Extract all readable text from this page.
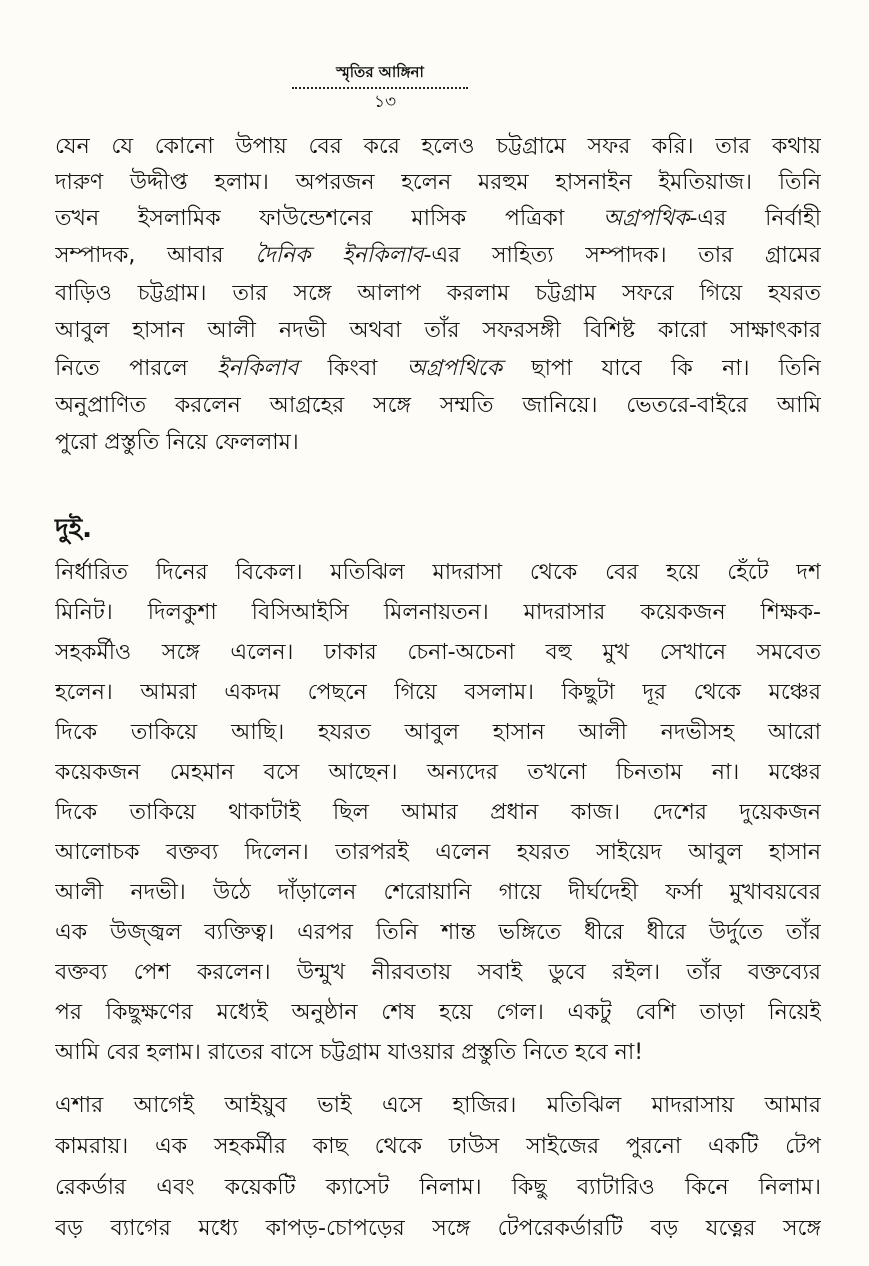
স্মৃতির আঙ্গিনা
১৩
যেন যে কোনো উপায় বের করে হলেও চট্টগ্রামে সফর করি। তার কথায়
দারুণ উদ্দীপ্ত হলাম। অপরজন হলেন মরহুম হাসনাইন ইমতিয়াজ। তিনি
তখন ইসলামিক ফাউন্ডেশনের মাসিক পত্রিকা অগ্রপথিক-এর নির্বাহী
সম্পাদক, আবার দৈনিক ইনকিলাব-এর সাহিত্য সম্পাদক। তার গ্রামের
বাড়িও চট্টগ্রাম। তার সঙ্গে আলাপ করলাম চট্টগ্রাম সফরে গিয়ে হযরত
আবুল হাসান আলী নদভী অথবা তাঁর সফরসঙ্গী বিশিষ্ট কারো সাক্ষাৎকার
নিতে পারলে ইনকিলাব কিংবা অগ্রপথিকে ছাপা যাবে কি না। তিনি
অনুপ্রাণিত করলেন আগ্রহের সঙ্গে সম্মতি জানিয়ে। ভেতরে-বাইরে আমি
পুরো প্রস্তুতি নিয়ে ফেললাম।
দুই.
নির্ধারিত দিনের বিকেল। মতিঝিল মাদরাসা থেকে বের হয়ে হেঁটে দশ
মিনিট। দিলকুশা বিসিআইসি মিলনায়তন। মাদরাসার কয়েকজন শিক্ষক-
সহকর্মীও সঙ্গে এলেন। ঢাকার চেনা-অচেনা বহু মুখ সেখানে সমবেত
হলেন। আমরা একদম পেছনে গিয়ে বসলাম। কিছুটা দূর থেকে মঞ্চের
দিকে তাকিয়ে আছি। হযরত আবুল হাসান আলী নদভীসহ আরো
কয়েকজন মেহমান বসে আছেন। অন্যদের তখনো চিনতাম না। মঞ্চের
দিকে তাকিয়ে থাকাটাই ছিল আমার প্রধান কাজ। দেশের দুয়েকজন
আলোচক বক্তব্য দিলেন। তারপরই এলেন হযরত সাইয়েদ আবুল হাসান
আলী নদভী। উঠে দাঁড়ালেন শেরোয়ানি গায়ে দীর্ঘদেহী ফর্সা মুখাবয়বের
এক উজ্জ্বল ব্যক্তিত্ব। এরপর তিনি শান্ত ভঙ্গিতে ধীরে ধীরে উর্দুতে তাঁর
বক্তব্য পেশ করলেন। উন্মুখ নীরবতায় সবাই ডুবে রইল। তাঁর বক্তব্যের
পর কিছুক্ষণের মধ্যেই অনুষ্ঠান শেষ হয়ে গেল। একটু বেশি তাড়া নিয়েই
আমি বের হলাম। রাতের বাসে চট্টগ্রাম যাওয়ার প্রস্তুতি নিতে হবে না!
এশার আগেই আইয়ুব ভাই এসে হাজির। মতিঝিল মাদরাসায় আমার
কামরায়। এক সহকর্মীর কাছ থেকে ঢাউস সাইজের পুরনো একটি টেপ
রেকর্ডার এবং কয়েকটি ক্যাসেট নিলাম। কিছু ব্যাটারিও কিনে নিলাম।
বড় ব্যাগের মধ্যে কাপড়-চোপড়ের সঙ্গে টেপরেকর্ডারটি বড় যত্নের সঙ্গে
